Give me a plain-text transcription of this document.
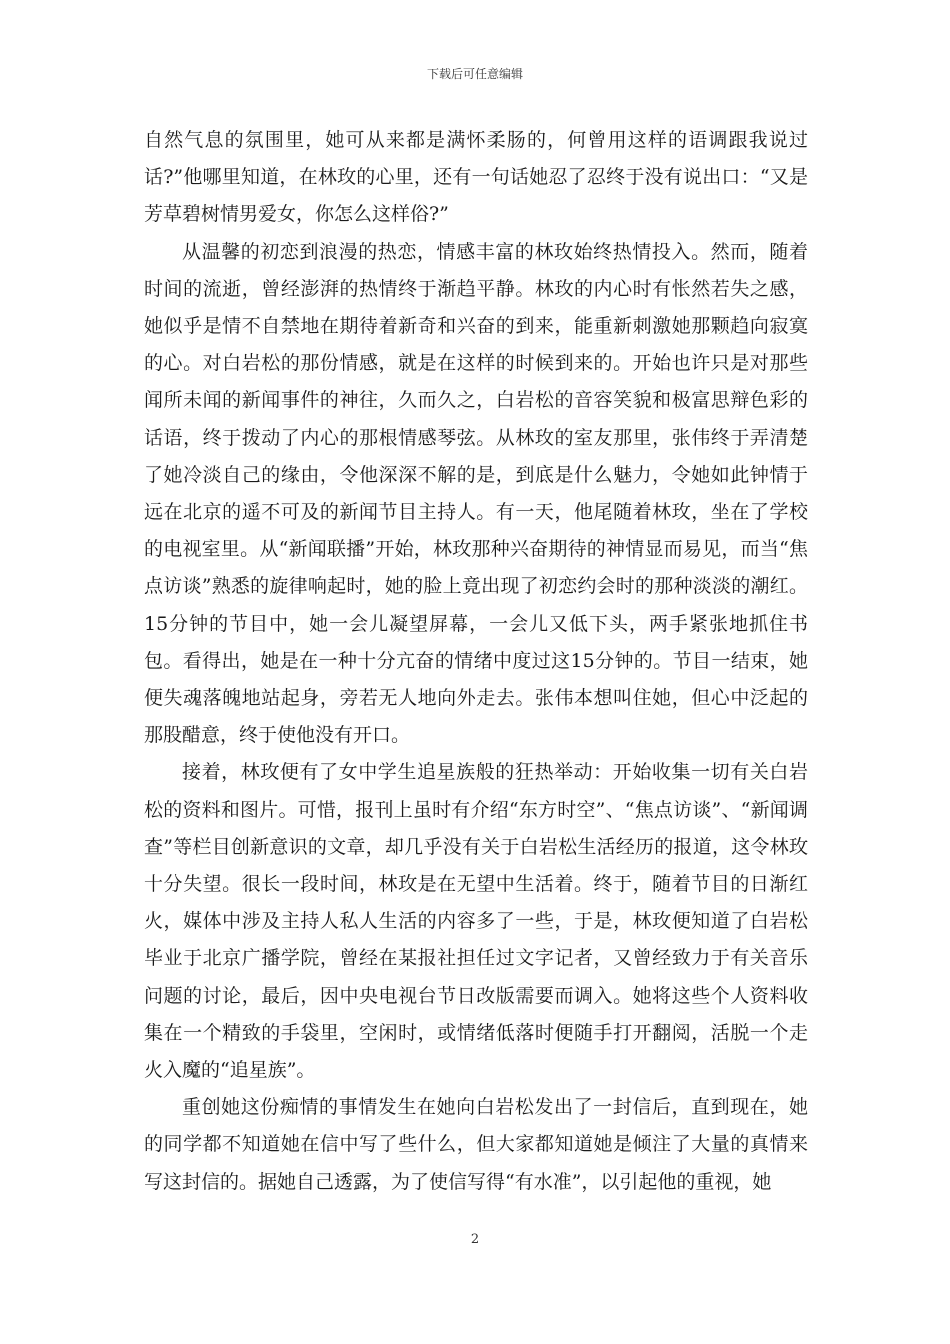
下载后可任意编辑

自然气息的氛围里，她可从来都是满怀柔肠的，何曾用这样的语调跟我说过话?”他哪里知道，在林玫的心里，还有一句话她忍了忍终于没有说出口：“又是芳草碧树情男爱女，你怎么这样俗?”

从温馨的初恋到浪漫的热恋，情感丰富的林玫始终热情投入。然而，随着时间的流逝，曾经澎湃的热情终于渐趋平静。林玫的内心时有怅然若失之感，她似乎是情不自禁地在期待着新奇和兴奋的到来，能重新刺激她那颗趋向寂寞的心。对白岩松的那份情感，就是在这样的时候到来的。开始也许只是对那些闻所未闻的新闻事件的神往，久而久之，白岩松的音容笑貌和极富思辩色彩的话语，终于拨动了内心的那根情感琴弦。从林玫的室友那里，张伟终于弄清楚了她冷淡自己的缘由，令他深深不解的是，到底是什么魅力，令她如此钟情于远在北京的遥不可及的新闻节目主持人。有一天，他尾随着林玫，坐在了学校的电视室里。从“新闻联播”开始，林玫那种兴奋期待的神情显而易见，而当“焦点访谈”熟悉的旋律响起时，她的脸上竟出现了初恋约会时的那种淡淡的潮红。15分钟的节目中，她一会儿凝望屏幕，一会儿又低下头，两手紧张地抓住书包。看得出，她是在一种十分亢奋的情绪中度过这15分钟的。节目一结束，她便失魂落魄地站起身，旁若无人地向外走去。张伟本想叫住她，但心中泛起的那股醋意，终于使他没有开口。

接着，林玫便有了女中学生追星族般的狂热举动：开始收集一切有关白岩松的资料和图片。可惜，报刊上虽时有介绍“东方时空”、“焦点访谈”、“新闻调查”等栏目创新意识的文章，却几乎没有关于白岩松生活经历的报道，这令林玫十分失望。很长一段时间，林玫是在无望中生活着。终于，随着节目的日渐红火，媒体中涉及主持人私人生活的内容多了一些，于是，林玫便知道了白岩松毕业于北京广播学院，曾经在某报社担任过文字记者，又曾经致力于有关音乐问题的讨论，最后，因中央电视台节日改版需要而调入。她将这些个人资料收集在一个精致的手袋里，空闲时，或情绪低落时便随手打开翻阅，活脱一个走火入魔的“追星族”。

重创她这份痴情的事情发生在她向白岩松发出了一封信后，直到现在，她的同学都不知道她在信中写了些什么，但大家都知道她是倾注了大量的真情来写这封信的。据她自己透露，为了使信写得“有水准”，以引起他的重视，她

2
